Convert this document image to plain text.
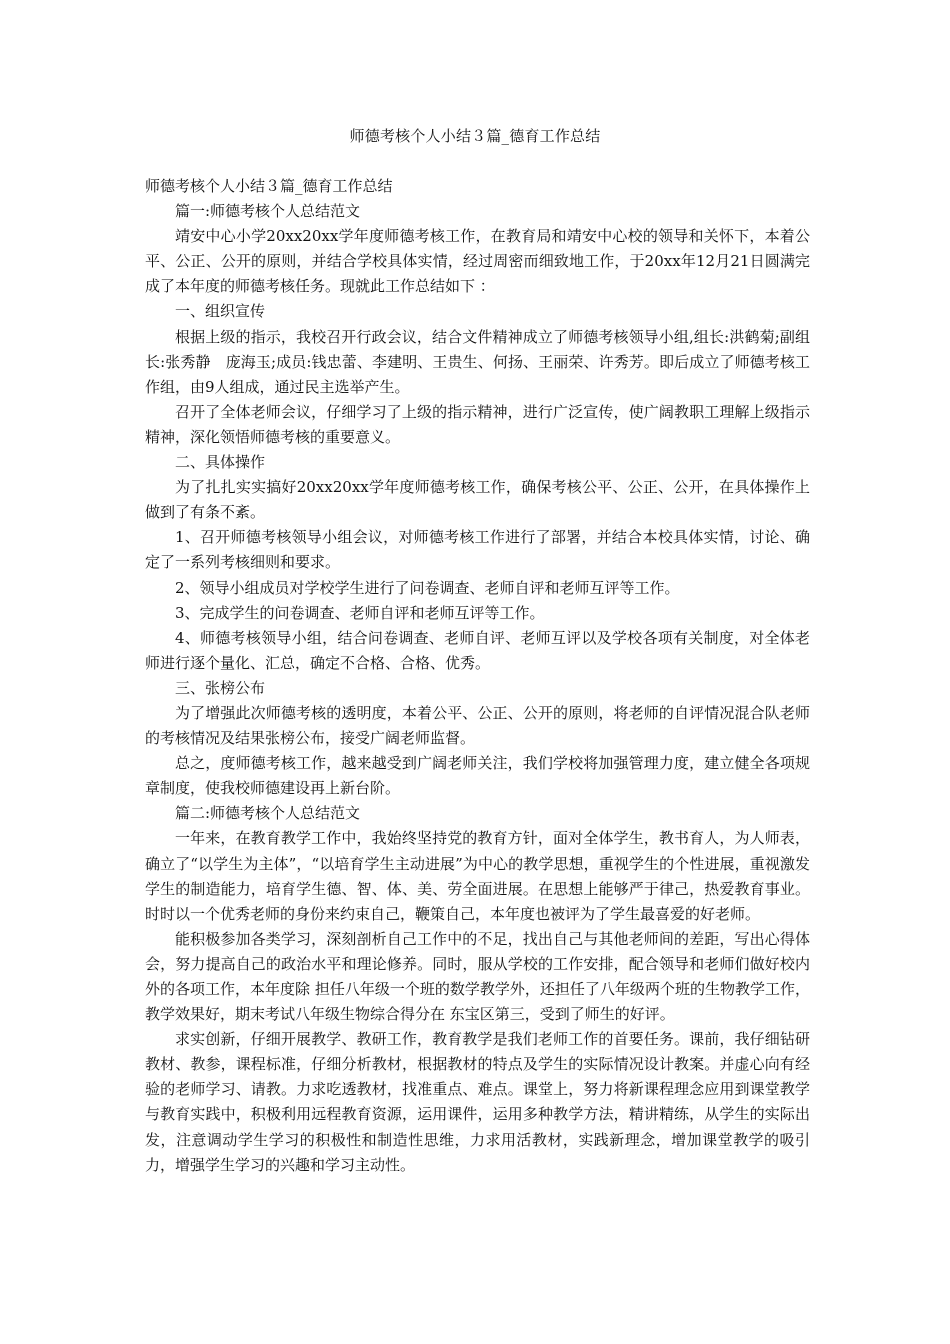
师德考核个人小结３篇_德育工作总结

师德考核个人小结３篇_德育工作总结

篇一:师德考核个人总结范文

靖安中心小学20xx20xx学年度师德考核工作，在教育局和靖安中心校的领导和关怀下，本着公平、公正、公开的原则，并结合学校具体实情，经过周密而细致地工作，于20xx年12月21日圆满完成了本年度的师德考核任务。现就此工作总结如下 ：

一、组织宣传

根据上级的指示，我校召开行政会议，结合文件精神成立了师德考核领导小组,组长:洪鹤菊;副组长:张秀静　庞海玉;成员:钱忠蕾、李建明、王贵生、何扬、王丽荣、许秀芳。即后成立了师德考核工作组，由9人组成，通过民主选举产生。

召开了全体老师会议，仔细学习了上级的指示精神，进行广泛宣传，使广阔教职工理解上级指示精神，深化领悟师德考核的重要意义。

二、具体操作

为了扎扎实实搞好20xx20xx学年度师德考核工作，确保考核公平、公正、公开，在具体操作上做到了有条不紊。

1、召开师德考核领导小组会议，对师德考核工作进行了部署，并结合本校具体实情，讨论、确定了一系列考核细则和要求。

2、领导小组成员对学校学生进行了问卷调查、老师自评和老师互评等工作。

3、完成学生的问卷调查、老师自评和老师互评等工作。

4、师德考核领导小组，结合问卷调查、老师自评、老师互评以及学校各项有关制度，对全体老师进行逐个量化、汇总，确定不合格、合格、优秀。

三、张榜公布

为了增强此次师德考核的透明度，本着公平、公正、公开的原则，将老师的自评情况混合队老师的考核情况及结果张榜公布，接受广阔老师监督。

总之，度师德考核工作，越来越受到广阔老师关注，我们学校将加强管理力度，建立健全各项规章制度，使我校师德建设再上新台阶。

篇二:师德考核个人总结范文

一年来，在教育教学工作中，我始终坚持党的教育方针，面对全体学生，教书育人，为人师表，确立了“以学生为主体”，“以培育学生主动进展”为中心的教学思想，重视学生的个性进展，重视激发学生的制造能力，培育学生德、智、体、美、劳全面进展。在思想上能够严于律己，热爱教育事业。时时以一个优秀老师的身份来约束自己，鞭策自己，本年度也被评为了学生最喜爱的好老师。

能积极参加各类学习，深刻剖析自己工作中的不足，找出自己与其他老师间的差距，写出心得体会，努力提高自己的政治水平和理论修养。同时，服从学校的工作安排，配合领导和老师们做好校内外的各项工作，本年度除 担任八年级一个班的数学教学外，还担任了八年级两个班的生物教学工作，教学效果好，期末考试八年级生物综合得分在 东宝区第三，受到了师生的好评。

求实创新，仔细开展教学、教研工作，教育教学是我们老师工作的首要任务。课前，我仔细钻研教材、教参，课程标准，仔细分析教材，根据教材的特点及学生的实际情况设计教案。并虚心向有经验的老师学习、请教。力求吃透教材，找准重点、难点。课堂上，努力将新课程理念应用到课堂教学与教育实践中，积极利用远程教育资源，运用课件，运用多种教学方法，精讲精练，从学生的实际出发，注意调动学生学习的积极性和制造性思维，力求用活教材，实践新理念，增加课堂教学的吸引力，增强学生学习的兴趣和学习主动性。
